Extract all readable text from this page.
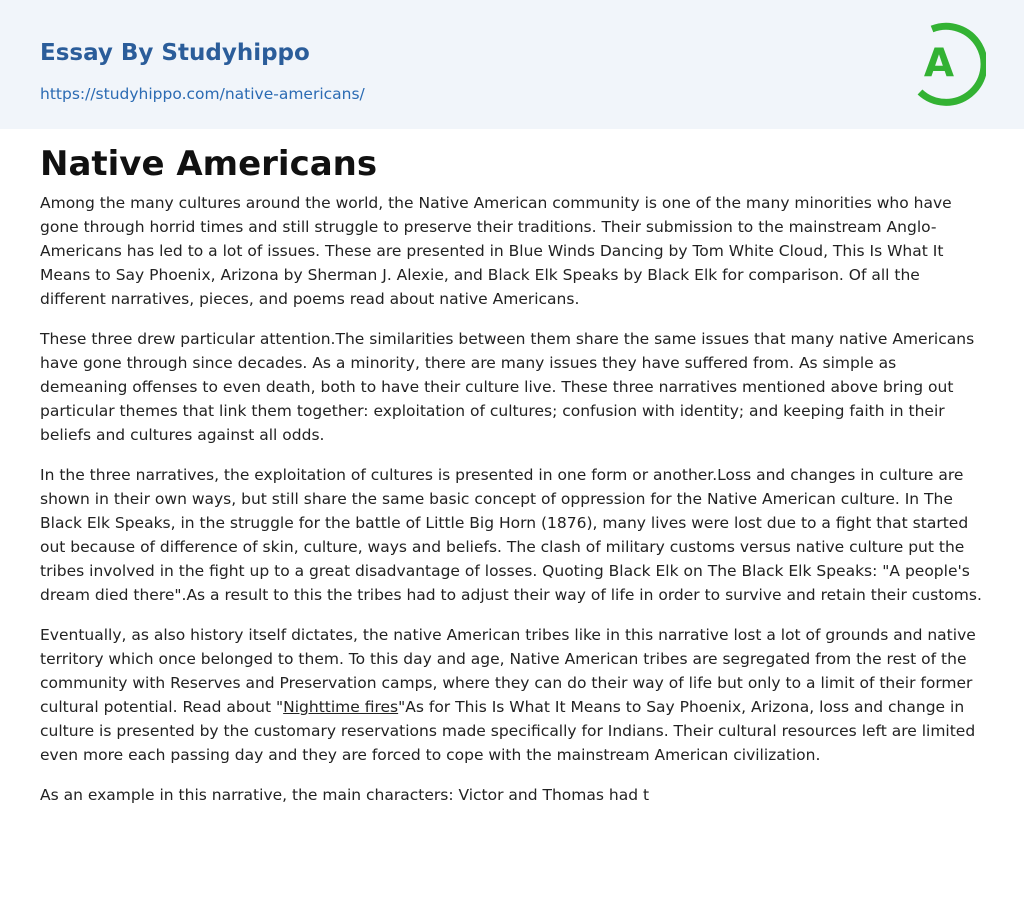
Essay By Studyhippo
https://studyhippo.com/native-americans/
A
Native Americans

Among the many cultures around the world, the Native American community is one of the many minorities who have gone through horrid times and still struggle to preserve their traditions. Their submission to the mainstream Anglo-Americans has led to a lot of issues. These are presented in Blue Winds Dancing by Tom White Cloud, This Is What It Means to Say Phoenix, Arizona by Sherman J. Alexie, and Black Elk Speaks by Black Elk for comparison. Of all the different narratives, pieces, and poems read about native Americans.

These three drew particular attention.The similarities between them share the same issues that many native Americans have gone through since decades. As a minority, there are many issues they have suffered from. As simple as demeaning offenses to even death, both to have their culture live. These three narratives mentioned above bring out particular themes that link them together: exploitation of cultures; confusion with identity; and keeping faith in their beliefs and cultures against all odds.

In the three narratives, the exploitation of cultures is presented in one form or another.Loss and changes in culture are shown in their own ways, but still share the same basic concept of oppression for the Native American culture. In The Black Elk Speaks, in the struggle for the battle of Little Big Horn (1876), many lives were lost due to a fight that started out because of difference of skin, culture, ways and beliefs. The clash of military customs versus native culture put the tribes involved in the fight up to a great disadvantage of losses. Quoting Black Elk on The Black Elk Speaks: "A people's dream died there".As a result to this the tribes had to adjust their way of life in order to survive and retain their customs.

Eventually, as also history itself dictates, the native American tribes like in this narrative lost a lot of grounds and native territory which once belonged to them. To this day and age, Native American tribes are segregated from the rest of the community with Reserves and Preservation camps, where they can do their way of life but only to a limit of their former cultural potential. Read about "Nighttime fires"As for This Is What It Means to Say Phoenix, Arizona, loss and change in culture is presented by the customary reservations made specifically for Indians. Their cultural resources left are limited even more each passing day and they are forced to cope with the mainstream American civilization.

As an example in this narrative, the main characters: Victor and Thomas had t
